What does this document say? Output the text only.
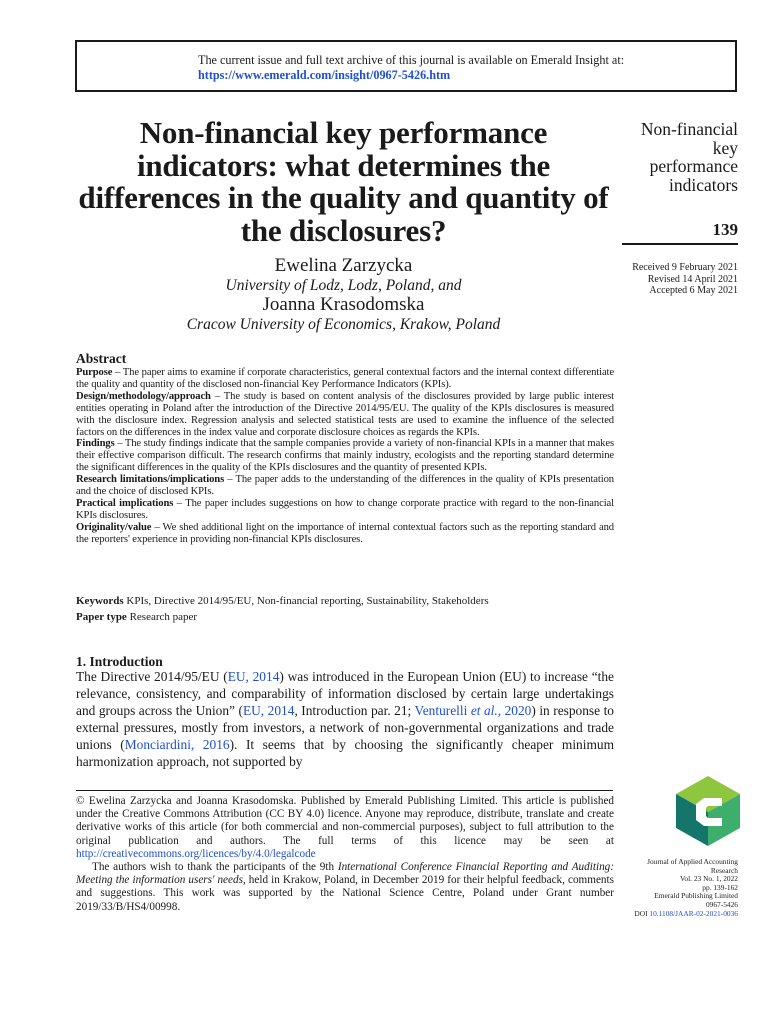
The current issue and full text archive of this journal is available on Emerald Insight at:
https://www.emerald.com/insight/0967-5426.htm
Non-financial key performance indicators: what determines the differences in the quality and quantity of the disclosures?
Ewelina Zarzycka
University of Lodz, Lodz, Poland, and
Joanna Krasodomska
Cracow University of Economics, Krakow, Poland
Non-financial
key
performance
indicators
139
Received 9 February 2021
Revised 14 April 2021
Accepted 6 May 2021
Abstract

Purpose – The paper aims to examine if corporate characteristics, general contextual factors and the internal context differentiate the quality and quantity of the disclosed non-financial Key Performance Indicators (KPIs).

Design/methodology/approach – The study is based on content analysis of the disclosures provided by large public interest entities operating in Poland after the introduction of the Directive 2014/95/EU. The quality of the KPIs disclosures is measured with the disclosure index. Regression analysis and selected statistical tests are used to examine the influence of the selected factors on the differences in the index value and corporate disclosure choices as regards the KPIs.

Findings – The study findings indicate that the sample companies provide a variety of non-financial KPIs in a manner that makes their effective comparison difficult. The research confirms that mainly industry, ecologists and the reporting standard determine the significant differences in the quality of the KPIs disclosures and the quantity of presented KPIs.

Research limitations/implications – The paper adds to the understanding of the differences in the quality of KPIs presentation and the choice of disclosed KPIs.

Practical implications – The paper includes suggestions on how to change corporate practice with regard to the non-financial KPIs disclosures.

Originality/value – We shed additional light on the importance of internal contextual factors such as the reporting standard and the reporters' experience in providing non-financial KPIs disclosures.

Keywords KPIs, Directive 2014/95/EU, Non-financial reporting, Sustainability, Stakeholders
Paper type Research paper
1. Introduction

The Directive 2014/95/EU (EU, 2014) was introduced in the European Union (EU) to increase “the relevance, consistency, and comparability of information disclosed by certain large undertakings and groups across the Union” (EU, 2014, Introduction par. 21; Venturelli et al., 2020) in response to external pressures, mostly from investors, a network of non-governmental organizations and trade unions (Monciardini, 2016). It seems that by choosing the significantly cheaper minimum harmonization approach, not supported by

© Ewelina Zarzycka and Joanna Krasodomska. Published by Emerald Publishing Limited. This article is published under the Creative Commons Attribution (CC BY 4.0) licence. Anyone may reproduce, distribute, translate and create derivative works of this article (for both commercial and non-commercial purposes), subject to full attribution to the original publication and authors. The full terms of this licence may be seen at http://creativecommons.org/licences/by/4.0/legalcode

The authors wish to thank the participants of the 9th International Conference Financial Reporting and Auditing: Meeting the information users' needs, held in Krakow, Poland, in December 2019 for their helpful feedback, comments and suggestions. This work was supported by the National Science Centre, Poland under Grant number 2019/33/B/HS4/00998.

Journal of Applied Accounting
Research
Vol. 23 No. 1, 2022
pp. 139-162
Emerald Publishing Limited
0967-5426
DOI 10.1108/JAAR-02-2021-0036
